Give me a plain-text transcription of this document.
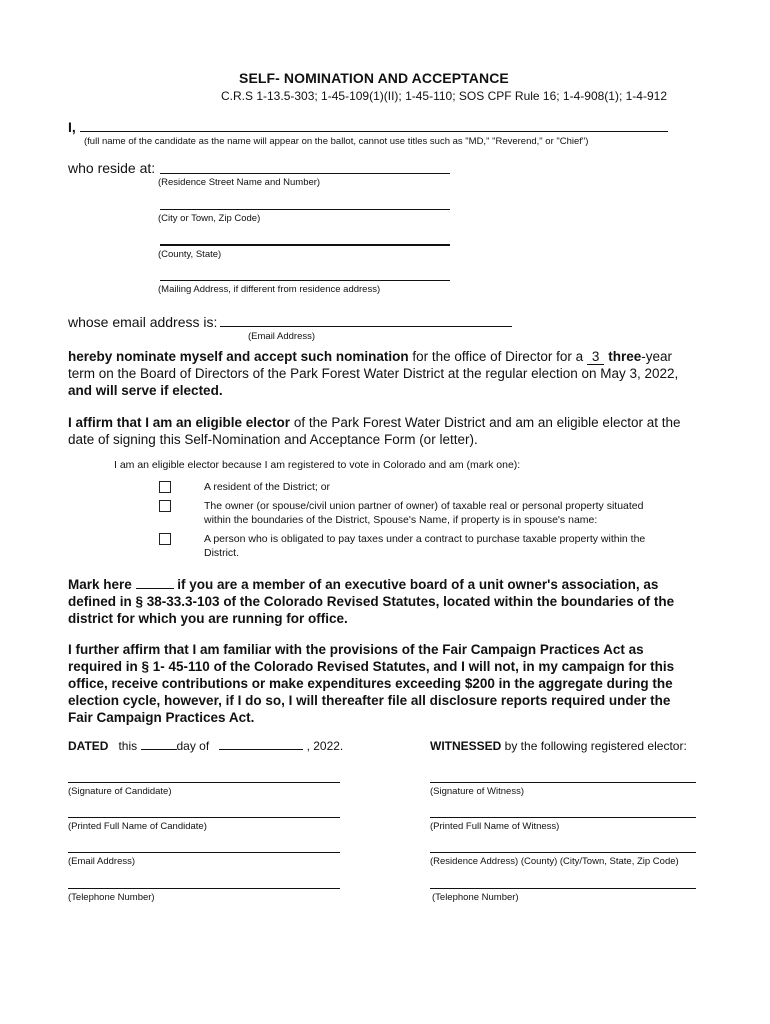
SELF- NOMINATION AND ACCEPTANCE
C.R.S 1-13.5-303; 1-45-109(1)(II); 1-45-110; SOS CPF Rule 16; 1-4-908(1); 1-4-912
I,
(full name of the candidate as the name will appear on the ballot, cannot use titles such as "MD," "Reverend," or "Chief")
who reside at:
(Residence Street Name and Number)
(City or Town, Zip Code)
(County, State)
(Mailing Address, if different from residence address)
whose email address is:
(Email Address)
hereby nominate myself and accept such nomination for the office of Director for a 3 three-year
term on the Board of Directors of the Park Forest Water District at the regular election on May 3, 2022,
and will serve if elected.
I affirm that I am an eligible elector of the Park Forest Water District and am an eligible elector at the
date of signing this Self-Nomination and Acceptance Form (or letter).
I am an eligible elector because I am registered to vote in Colorado and am (mark one):
A resident of the District; or
The owner (or spouse/civil union partner of owner) of taxable real or personal property situated
within the boundaries of the District, Spouse's Name, if property is in spouse's name:
A person who is obligated to pay taxes under a contract to purchase taxable property within the
District.
Mark here	if you are a member of an executive board of a unit owner's association, as
defined in § 38-33.3-103 of the Colorado Revised Statutes, located within the boundaries of the
district for which you are running for office.
I further affirm that I am familiar with the provisions of the Fair Campaign Practices Act as
required in § 1- 45-110 of the Colorado Revised Statutes, and I will not, in my campaign for this
office, receive contributions or make expenditures exceeding $200 in the aggregate during the
election cycle, however, if I do so, I will thereafter file all disclosure reports required under the
Fair Campaign Practices Act.
DATED this	day of	, 2022.	WITNESSED by the following registered elector:
(Signature of Candidate)
(Printed Full Name of Candidate)
(Email Address)
(Telephone Number)
(Signature of Witness)
(Printed Full Name of Witness)
(Residence Address) (County) (City/Town, State, Zip Code)
(Telephone Number)
